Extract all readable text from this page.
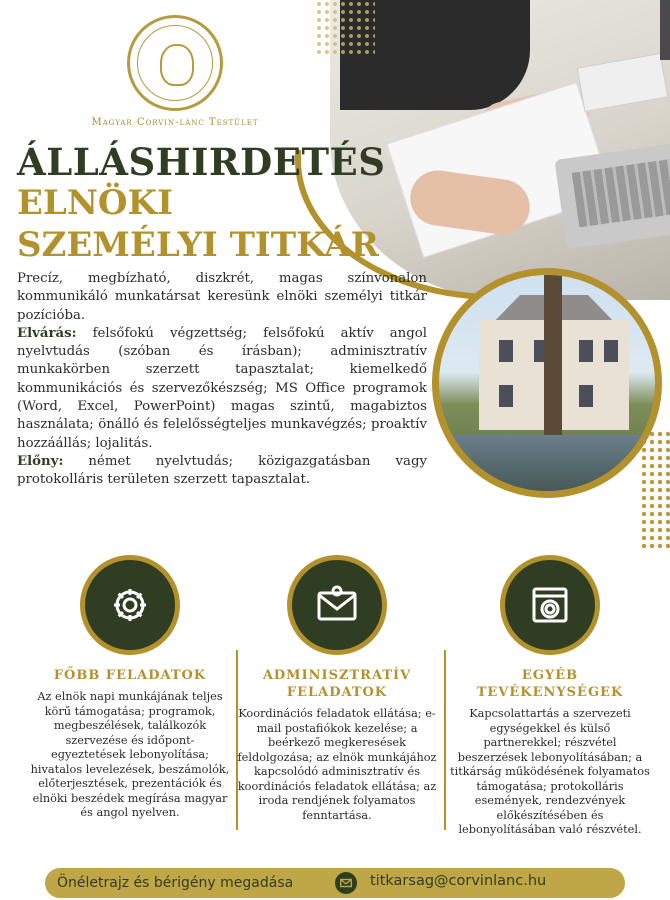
Magyar Corvin-lánc Testület
ÁLLÁSHIRDETÉS
ELNÖKI
SZEMÉLYI TITKÁR
Precíz, megbízható, diszkrét, magas színvonalon kommunikáló munkatársat keresünk elnöki személyi titkár pozícióba.
Elvárás: felsőfokú végzettség; felsőfokú aktív angol nyelvtudás (szóban és írásban); adminisztratív munkakörben szerzett tapasztalat; kiemelkedő kommunikációs és szervezőkészség; MS Office programok (Word, Excel, PowerPoint) magas szintű, magabiztos használata; önálló és felelősségteljes munkavégzés; proaktív hozzáállás; lojalitás.
Előny: német nyelvtudás; közigazgatásban vagy protokolláris területen szerzett tapasztalat.
FŐBB FELADATOK
Az elnök napi munkájának teljes körű támogatása; programok, megbeszélések, találkozók szervezése és időpont-egyeztetések lebonyolítása; hivatalos levelezések, beszámolók, előterjesztések, prezentációk és elnöki beszédek megírása magyar és angol nyelven.
ADMINISZTRATÍV FELADATOK
Koordinációs feladatok ellátása; e-mail postafiókok kezelése; a beérkező megkeresések feldolgozása; az elnök munkájához kapcsolódó adminisztratív és koordinációs feladatok ellátása; az iroda rendjének folyamatos fenntartása.
EGYÉB TEVÉKENYSÉGEK
Kapcsolattartás a szervezeti egységekkel és külső partnerekkel; részvétel beszerzések lebonyolításában; a titkárság működésének folyamatos támogatása; protokolláris események, rendezvények előkészítésében és lebonyolításában való részvétel.
Önéletrajz és bérigény megadása	titkarsag@corvinlanc.hu
